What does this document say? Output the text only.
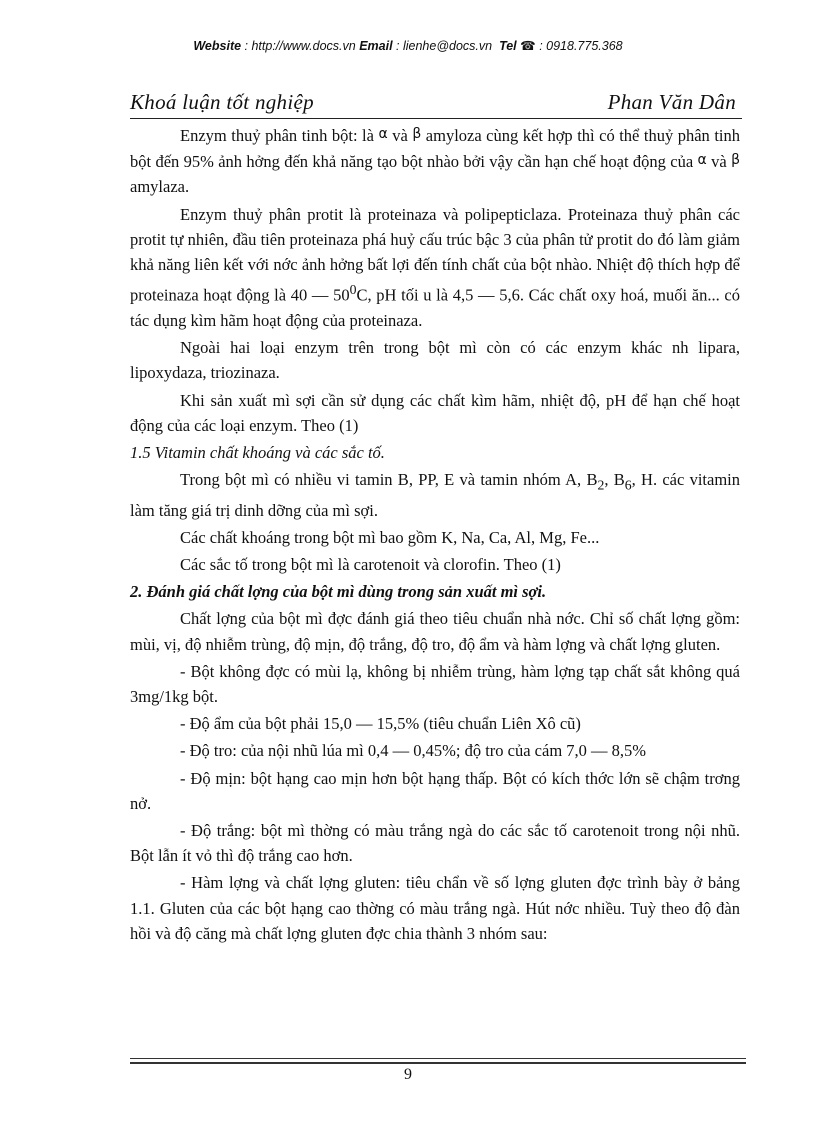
Website : http://www.docs.vn Email : lienhe@docs.vn Tel ☎ : 0918.775.368
Khoá luận tốt nghiệp	Phan Văn Dân

Enzym thuỷ phân tinh bột: là α và β amyloza cùng kết hợp thì có thể thuỷ phân tinh bột đến 95% ảnh hởng đến khả năng tạo bột nhào bởi vậy cần hạn chế hoạt động của α và β amylaza.

Enzym thuỷ phân protit là proteinaza và polipepticlaza. Proteinaza thuỷ phân các protit tự nhiên, đầu tiên proteinaza phá huỷ cấu trúc bậc 3 của phân tử protit do đó làm giảm khả năng liên kết với nớc ảnh hởng bất lợi đến tính chất của bột nhào. Nhiệt độ thích hợp để proteinaza hoạt động là 40 — $50^0C$, pH tối u là 4,5 — 5,6. Các chất oxy hoá, muối ăn... có tác dụng kìm hãm hoạt động của proteinaza.

Ngoài hai loại enzym trên trong bột mì còn có các enzym khác nh lipara, lipoxydaza, triozinaza.

Khi sản xuất mì sợi cần sử dụng các chất kìm hãm, nhiệt độ, pH để hạn chế hoạt động của các loại enzym. Theo (1)

1.5 Vitamin chất khoáng và các sắc tố.

Trong bột mì có nhiều vi tamin B, PP, E và tamin nhóm A, $B_2$, $B_6$, H. các vitamin làm tăng giá trị dinh dỡng của mì sợi.

Các chất khoáng trong bột mì bao gồm K, Na, Ca, Al, Mg, Fe...

Các sắc tố trong bột mì là carotenoit và clorofin. Theo (1)

2. Đánh giá chất lợng của bột mì dùng trong sản xuất mì sợi.

Chất lợng của bột mì đợc đánh giá theo tiêu chuẩn nhà nớc. Chỉ số chất lợng gồm: mùi, vị, độ nhiễm trùng, độ mịn, độ trắng, độ tro, độ ẩm và hàm lợng và chất lợng gluten.

- Bột không đợc có mùi lạ, không bị nhiễm trùng, hàm lợng tạp chất sắt không quá 3mg/1kg bột.

- Độ ẩm của bột phải 15,0 — 15,5% (tiêu chuẩn Liên Xô cũ)

- Độ tro: của nội nhũ lúa mì 0,4 — 0,45%; độ tro của cám 7,0 — 8,5%

- Độ mịn: bột hạng cao mịn hơn bột hạng thấp. Bột có kích thớc lớn sẽ chậm trơng nở.

- Độ trắng: bột mì thờng có màu trắng ngà do các sắc tố carotenoit trong nội nhũ. Bột lẫn ít vỏ thì độ trắng cao hơn.

- Hàm lợng và chất lợng gluten: tiêu chẩn về số lợng gluten đợc trình bày ở bảng 1.1. Gluten của các bột hạng cao thờng có màu trắng ngà. Hút nớc nhiều. Tuỳ theo độ đàn hồi và độ căng mà chất lợng gluten đợc chia thành 3 nhóm sau:

9
